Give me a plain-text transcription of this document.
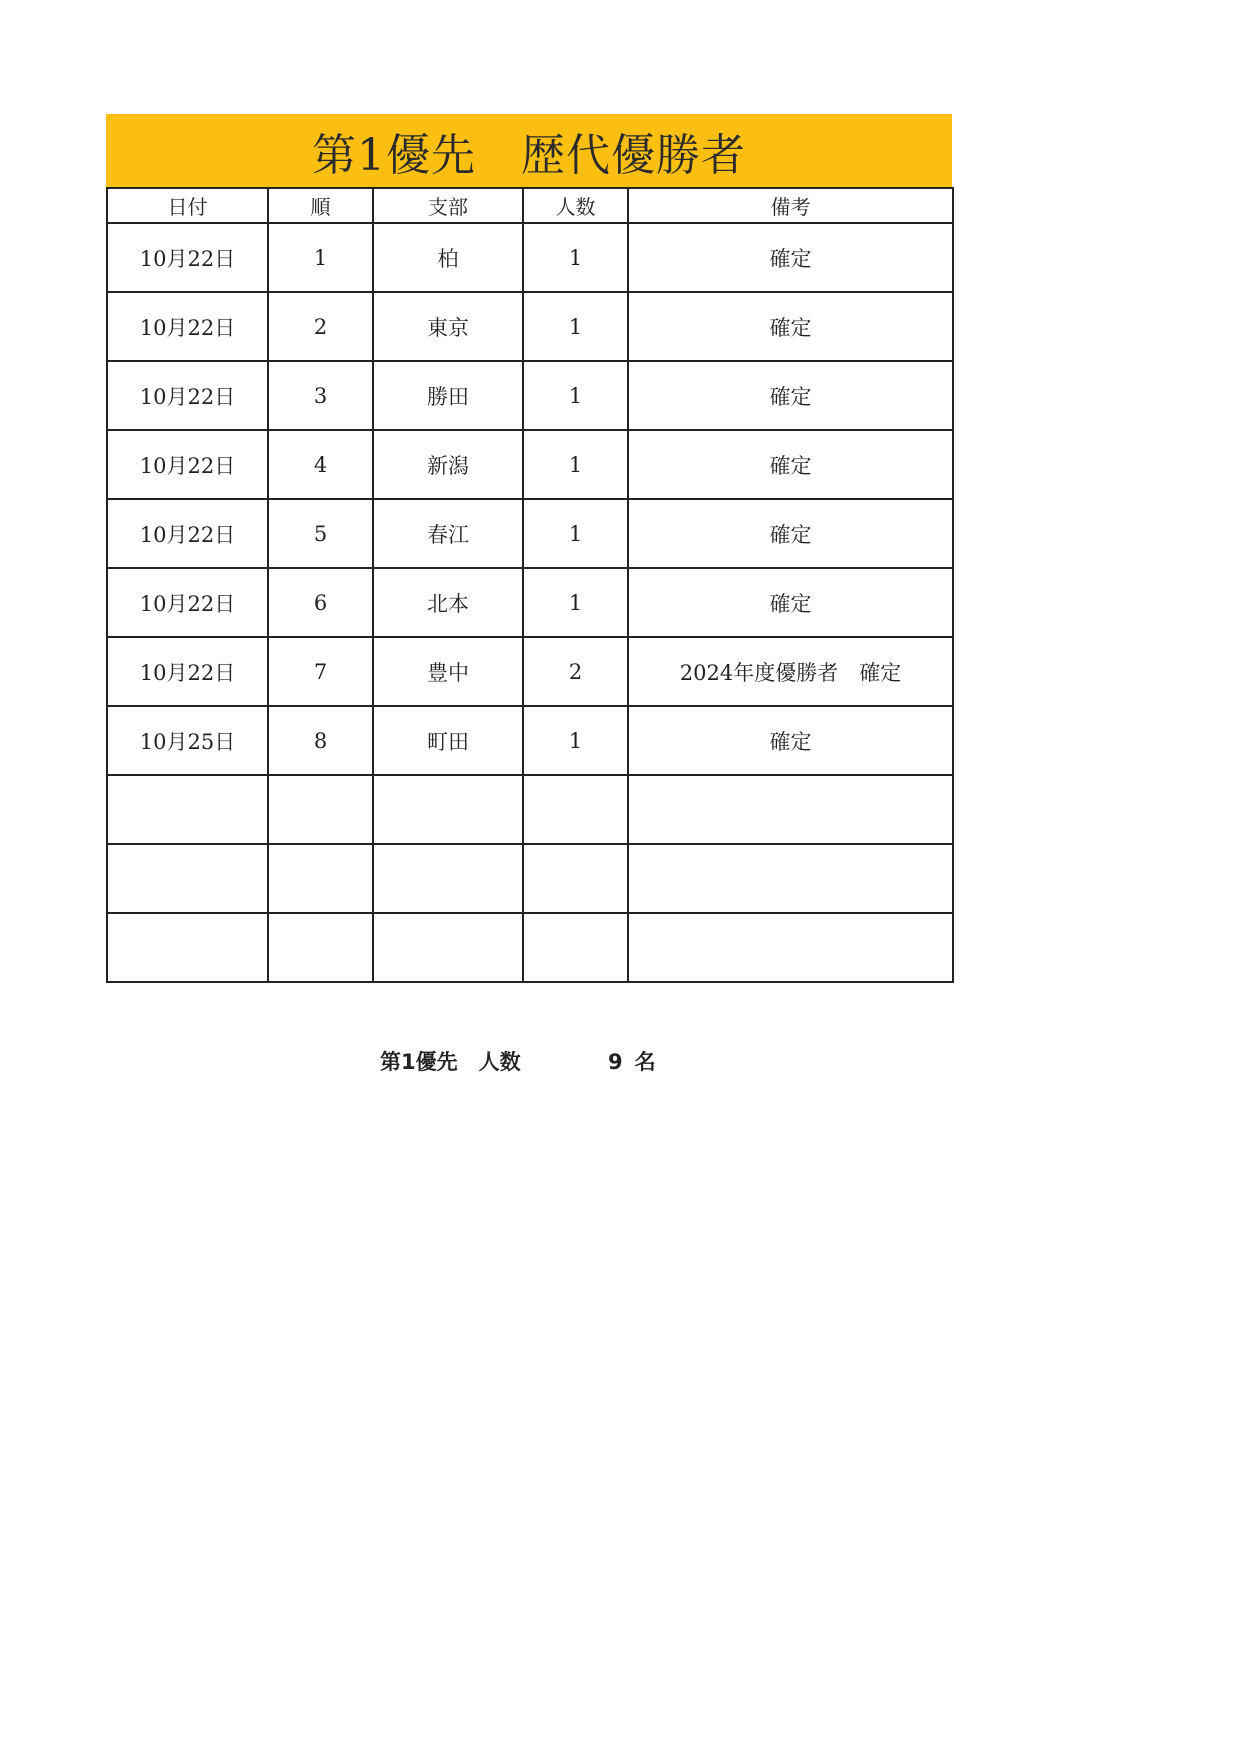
第1優先　歴代優勝者
日付	順	支部	人数	備考
10月22日	1	柏	1	確定
10月22日	2	東京	1	確定
10月22日	3	勝田	1	確定
10月22日	4	新潟	1	確定
10月22日	5	春江	1	確定
10月22日	6	北本	1	確定
10月22日	7	豊中	2	2024年度優勝者　確定
10月25日	8	町田	1	確定

第1優先　人数	9 名
